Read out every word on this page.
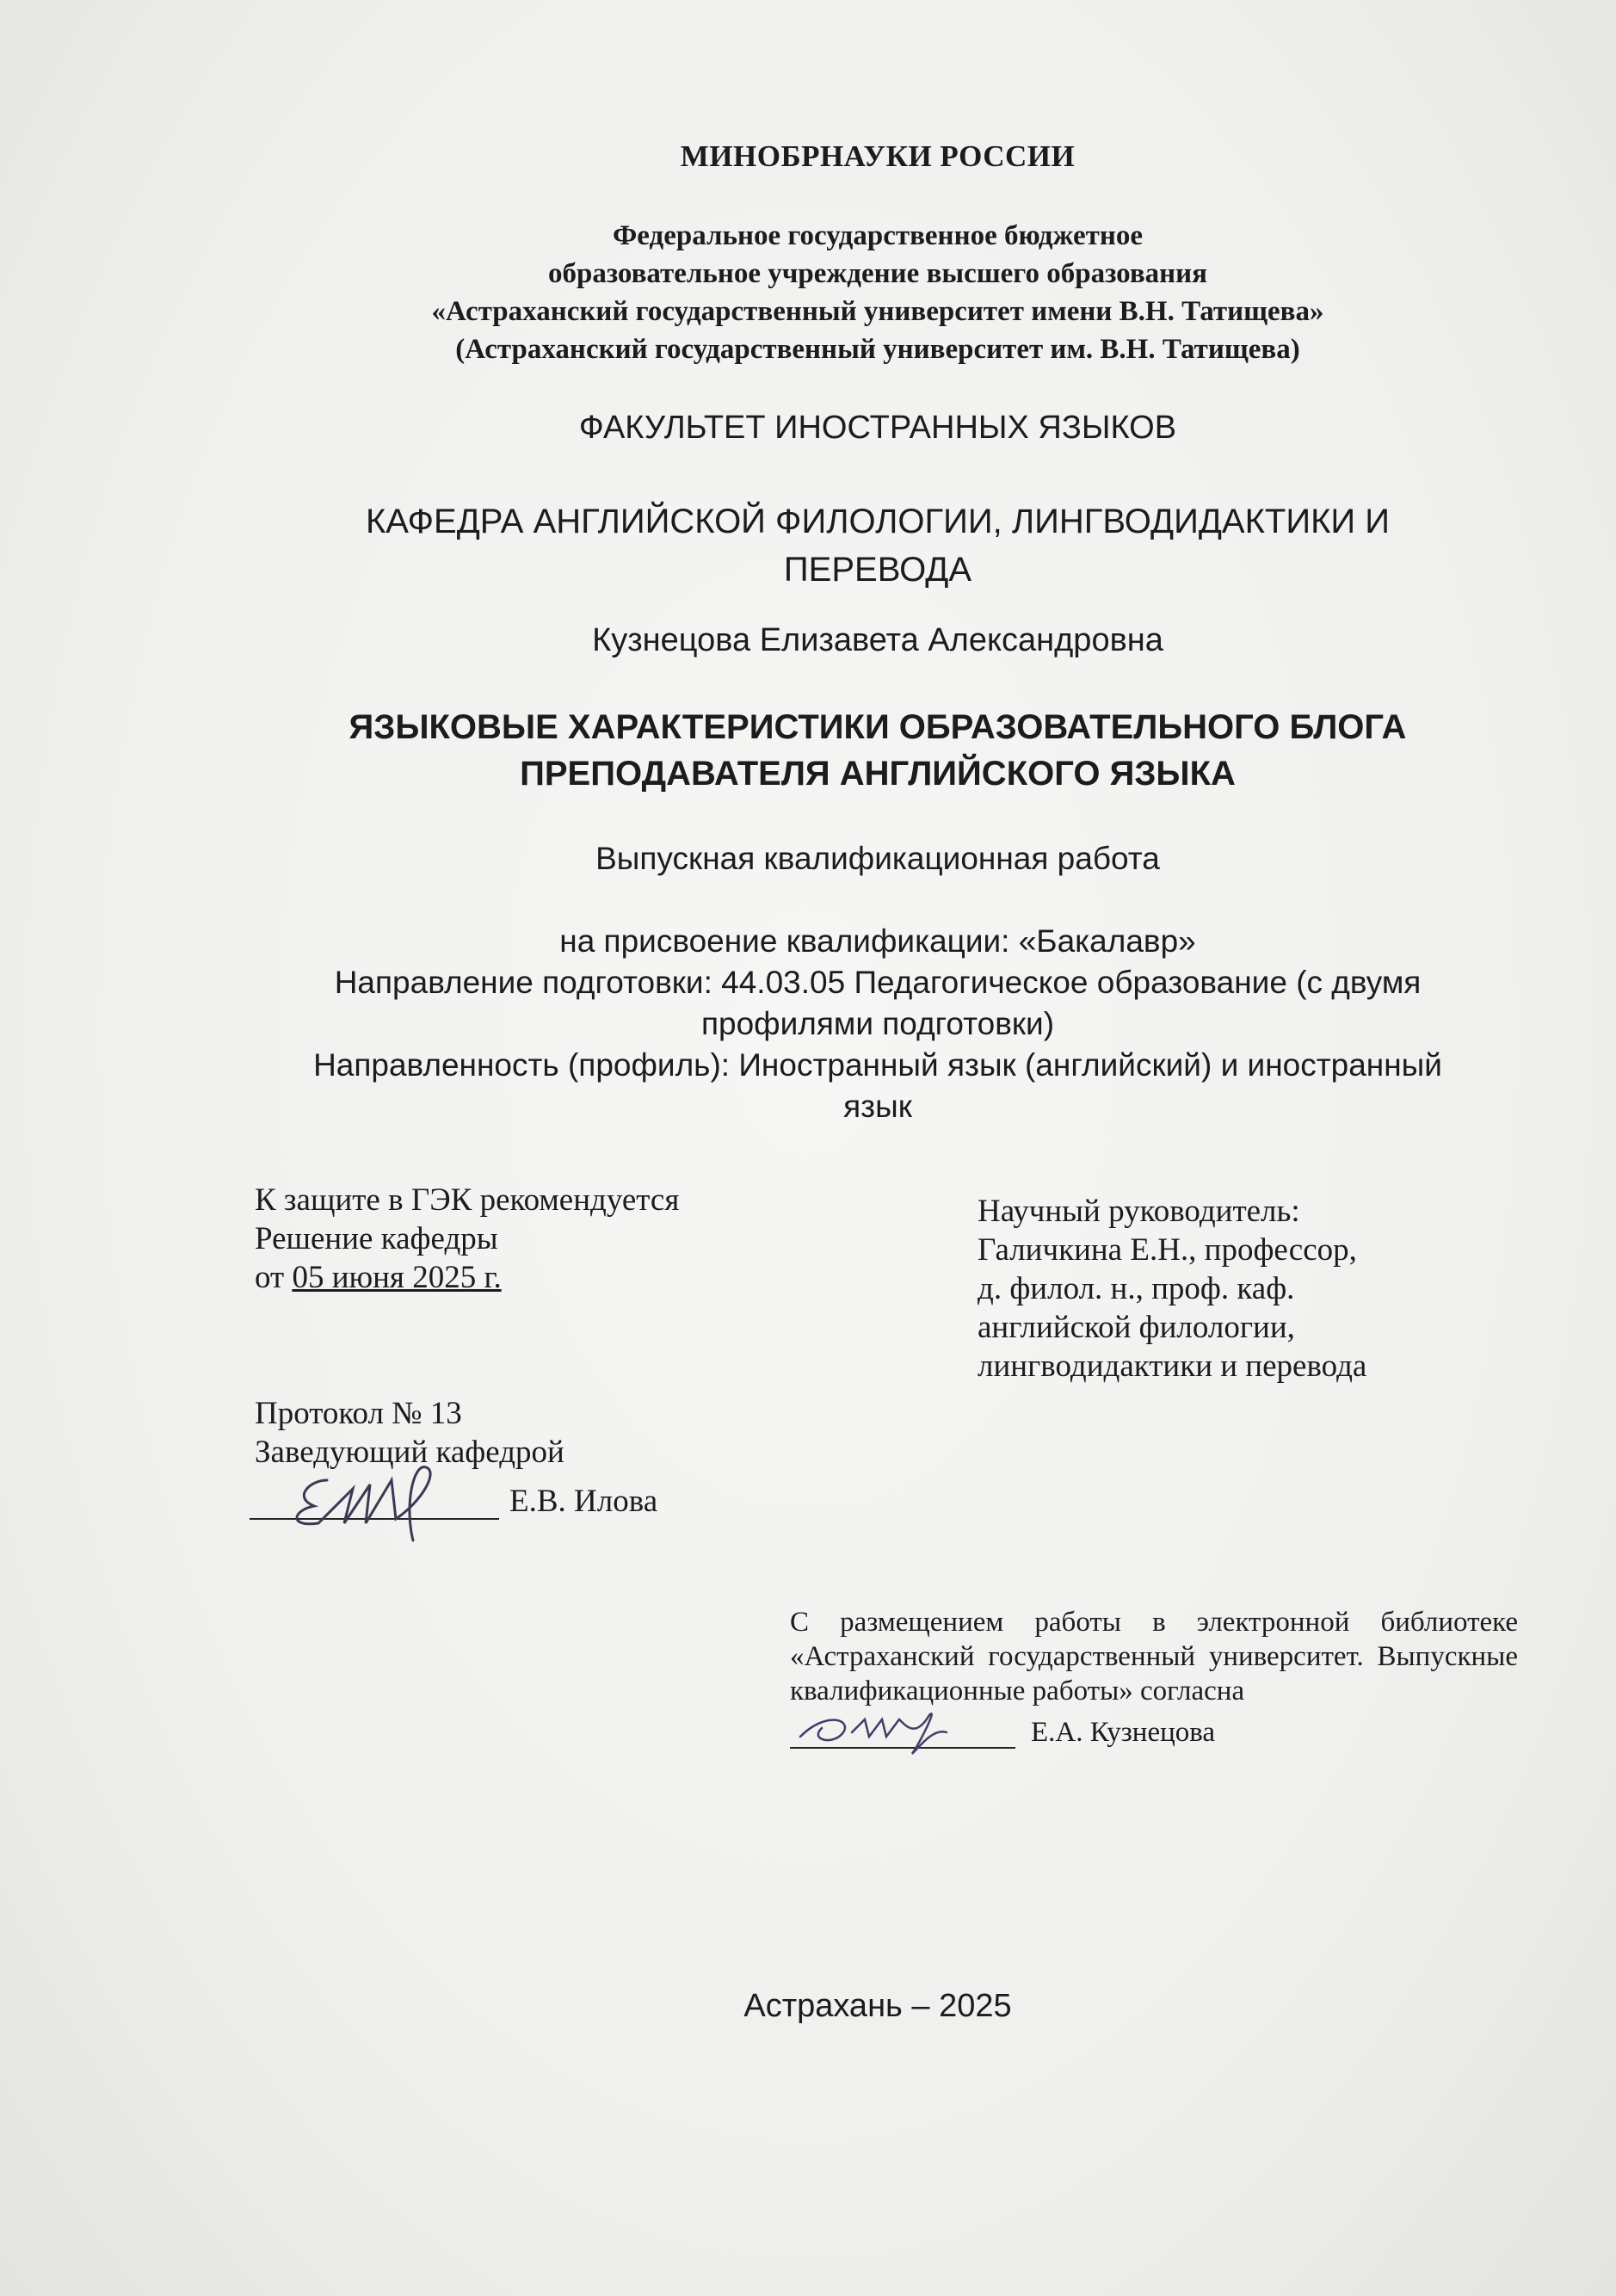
МИНОБРНАУКИ РОССИИ
Федеральное государственное бюджетное
образовательное учреждение высшего образования
«Астраханский государственный университет имени В.Н. Татищева»
(Астраханский государственный университет им. В.Н. Татищева)
ФАКУЛЬТЕТ ИНОСТРАННЫХ ЯЗЫКОВ
КАФЕДРА АНГЛИЙСКОЙ ФИЛОЛОГИИ, ЛИНГВОДИДАКТИКИ И
ПЕРЕВОДА
Кузнецова Елизавета Александровна
ЯЗЫКОВЫЕ ХАРАКТЕРИСТИКИ ОБРАЗОВАТЕЛЬНОГО БЛОГА
ПРЕПОДАВАТЕЛЯ АНГЛИЙСКОГО ЯЗЫКА
Выпускная квалификационная работа
на присвоение квалификации: «Бакалавр»
Направление подготовки: 44.03.05 Педагогическое образование (с двумя
профилями подготовки)
Направленность (профиль): Иностранный язык (английский) и иностранный
язык
К защите в ГЭК рекомендуется
Решение кафедры
от 05 июня 2025 г.
Научный руководитель:
Галичкина Е.Н., профессор,
д. филол. н., проф. каф.
английской филологии,
лингводидактики и перевода
Протокол № 13
Заведующий кафедрой
Е.В. Илова
С размещением работы в электронной библиотеке «Астраханский государственный университет. Выпускные квалификационные работы» согласна
Е.А. Кузнецова
Астрахань – 2025
